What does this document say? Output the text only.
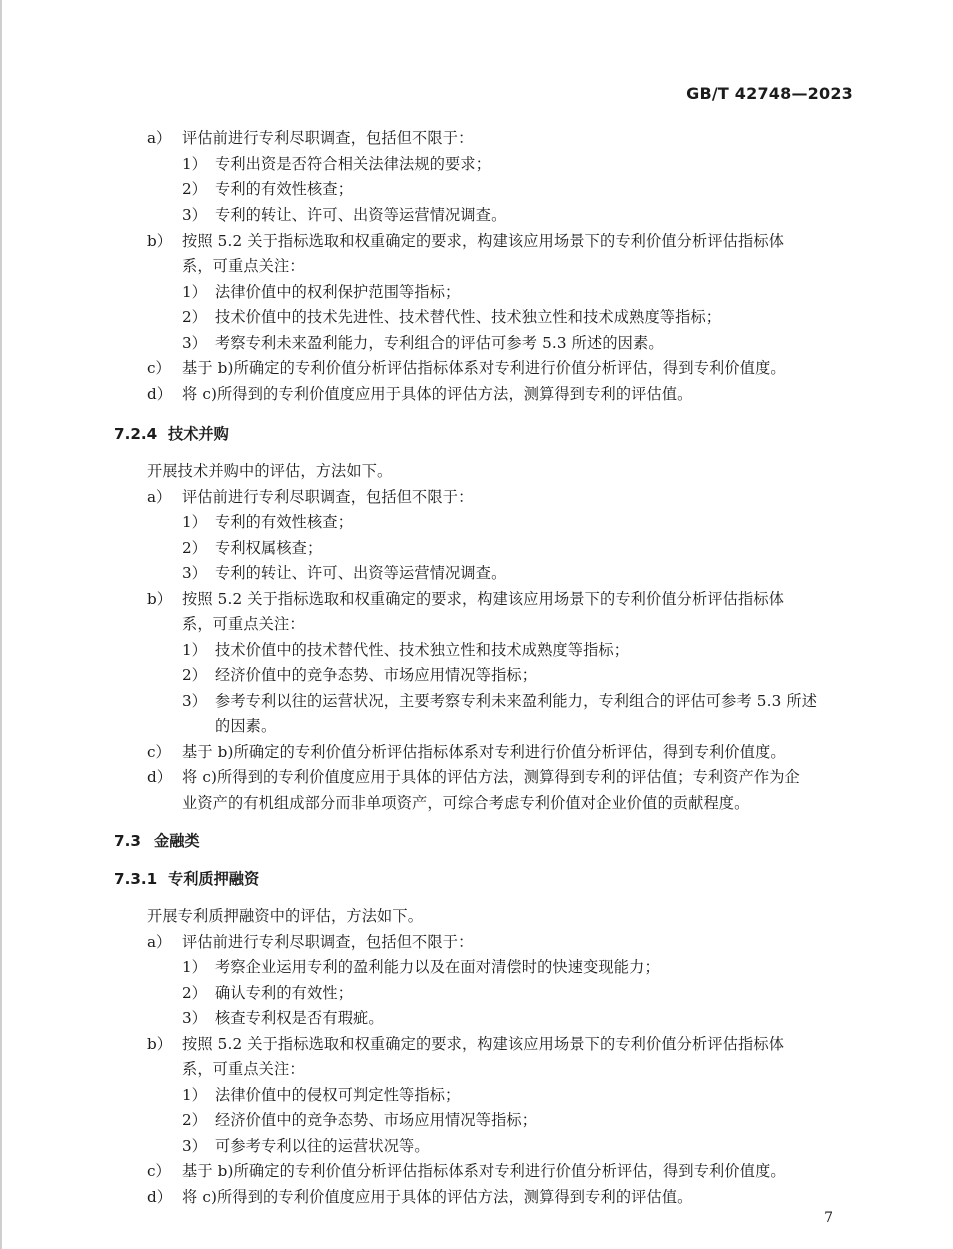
GB/T 42748—2023
a） 评估前进行专利尽职调查，包括但不限于：
1） 专利出资是否符合相关法律法规的要求；
2） 专利的有效性核查；
3） 专利的转让、许可、出资等运营情况调查。
b） 按照 5.2 关于指标选取和权重确定的要求，构建该应用场景下的专利价值分析评估指标体
系，可重点关注：
1） 法律价值中的权利保护范围等指标；
2） 技术价值中的技术先进性、技术替代性、技术独立性和技术成熟度等指标；
3） 考察专利未来盈利能力，专利组合的评估可参考 5.3 所述的因素。
c） 基于 b)所确定的专利价值分析评估指标体系对专利进行价值分析评估，得到专利价值度。
d） 将 c)所得到的专利价值度应用于具体的评估方法，测算得到专利的评估值。
7.2.4 技术并购
开展技术并购中的评估，方法如下。
a） 评估前进行专利尽职调查，包括但不限于：
1） 专利的有效性核查；
2） 专利权属核查；
3） 专利的转让、许可、出资等运营情况调查。
b） 按照 5.2 关于指标选取和权重确定的要求，构建该应用场景下的专利价值分析评估指标体
系，可重点关注：
1） 技术价值中的技术替代性、技术独立性和技术成熟度等指标；
2） 经济价值中的竞争态势、市场应用情况等指标；
3） 参考专利以往的运营状况，主要考察专利未来盈利能力，专利组合的评估可参考 5.3 所述
的因素。
c） 基于 b)所确定的专利价值分析评估指标体系对专利进行价值分析评估，得到专利价值度。
d） 将 c)所得到的专利价值度应用于具体的评估方法，测算得到专利的评估值；专利资产作为企
业资产的有机组成部分而非单项资产，可综合考虑专利价值对企业价值的贡献程度。
7.3 金融类
7.3.1 专利质押融资
开展专利质押融资中的评估，方法如下。
a） 评估前进行专利尽职调查，包括但不限于：
1） 考察企业运用专利的盈利能力以及在面对清偿时的快速变现能力；
2） 确认专利的有效性；
3） 核查专利权是否有瑕疵。
b） 按照 5.2 关于指标选取和权重确定的要求，构建该应用场景下的专利价值分析评估指标体
系，可重点关注：
1） 法律价值中的侵权可判定性等指标；
2） 经济价值中的竞争态势、市场应用情况等指标；
3） 可参考专利以往的运营状况等。
c） 基于 b)所确定的专利价值分析评估指标体系对专利进行价值分析评估，得到专利价值度。
d） 将 c)所得到的专利价值度应用于具体的评估方法，测算得到专利的评估值。
7
